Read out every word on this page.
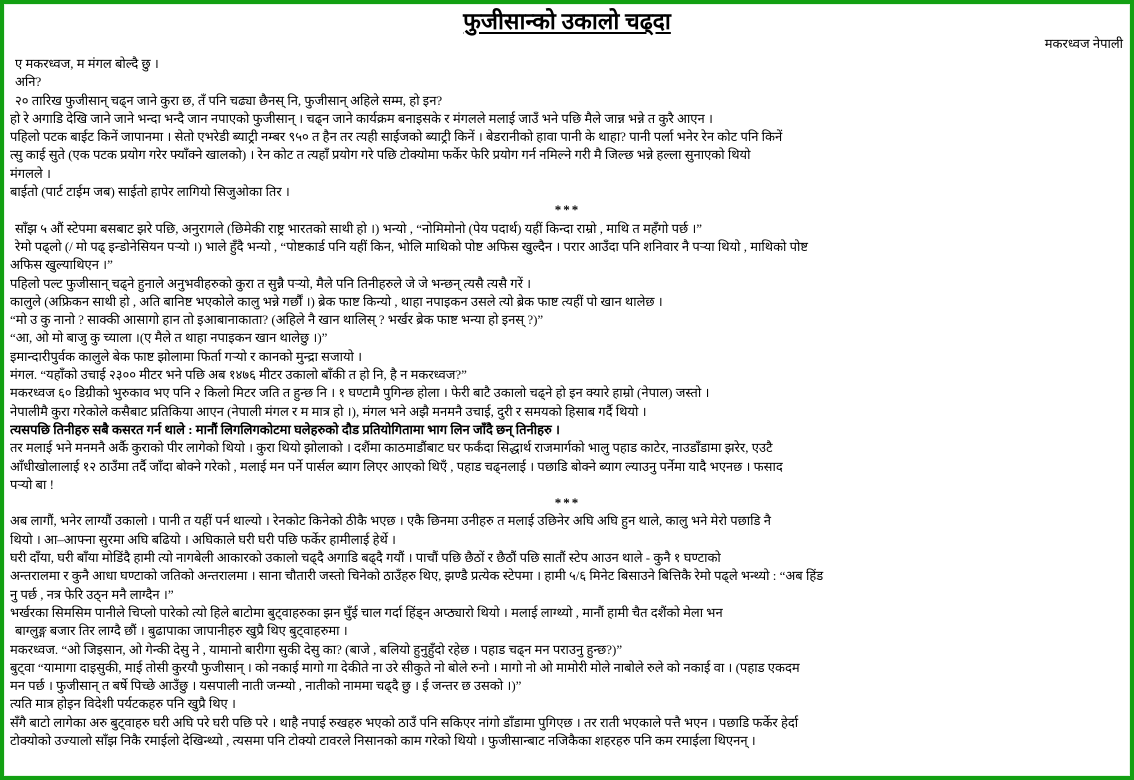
फुजीसान्को उकालो चढ्दा
मकरध्वज नेपाली
ए मकरध्वज, म मंगल बोल्दै छु ।
अनि?
२० तारिख फुजीसान् चढ्न जाने कुरा छ, तँ पनि चढ्या छैनस् नि, फुजीसान् अहिले सम्म, हो इन?
हो रे अगाडि देखि जाने जाने भन्दा भन्दै जान नपाएको फुजीसान् । चढ्न जाने कार्यक्रम बनाइसके र मंगलले मलाई जाउँ भने पछि मैले जान्न भन्ने त कुरै आएन ।
पहिलो पटक बाईट किनें जापानमा । सेतो एभरेडी ब्याट्री नम्बर ९५० त हैन तर त्यही साईजको ब्याट्री किनें । बेडरानीको हावा पानी के थाहा? पानी पर्ला भनेर रेन कोट पनि किनें
त्सु काई सुते (एक पटक प्रयोग गरेर फ्याँक्ने खालको) । रेन कोट त त्यहाँ प्रयोग गरे पछि टोक्योमा फर्केर फेरि प्रयोग गर्न नमिल्ने गरी मै जिल्छ भन्ने हल्ला सुनाएको थियो
मंगलले ।
बाईतो (पार्ट टाईम जब) साईतो हापेर लागियो सिजुओका तिर ।
***
साँझ ५ औं स्टेपमा बसबाट झरे पछि, अनुरागले (छिमेकी राष्ट्र भारतको साथी हो ।) भन्यो , “नोमिमोनो (पेय पदार्थ) यहीं किन्दा राम्रो , माथि त महँगो पर्छ ।”
रेमो पढ्लो (/ मो पढ् इन्डोनेसियन पर्‍यो ।) भाले हुँदै भन्यो , “पोष्टकार्ड पनि यहीं किन, भोलि माथिको पोष्ट अफिस खुल्दैन । परार आउँदा पनि शनिवार नै पर्‍या थियो , माथिको पोष्ट
अफिस खुल्याथिएन ।”
पहिलो पल्ट फुजीसान् चढ्ने हुनाले अनुभवीहरुको कुरा त सुन्नै पर्‍यो, मैले पनि तिनीहरुले जे जे भन्छन् त्यसै त्यसै गरें ।
कालुले (अफ्रिकन साथी हो , अति बानिष्ट भएकोले कालु भन्ने गर्छौं ।) ब्रेक फाष्ट किन्यो , थाहा नपाइकन उसले त्यो ब्रेक फाष्ट त्यहीं पो खान थालेछ ।
“मो उ कु नानो ? साक्की आसागो हान तो इआबानाकाता? (अहिले नै खान थालिस् ? भर्खर ब्रेक फाष्ट भन्या हो इनस् ?)”
“आ, ओ मो बाजु कु च्याला ।(ए मैले त थाहा नपाइकन खान थालेछु ।)”
इमान्दारीपुर्वक कालुले बेक फाष्ट झोलामा फिर्ता गऱ्यो र कानको मुन्द्रा सजायो ।
मंगल. “यहाँको उचाई २३०० मीटर भने पछि अब १४७६ मीटर उकालो बाँकी त हो नि, है न मकरध्वज?”
मकरध्वज ६० डिग्रीको भुरुकाव भए पनि २ किलो मिटर जति त हुन्छ नि । १ घण्टामै पुगिन्छ होला । फेरी बाटै उकालो चढ्ने हो इन क्यारे हाम्रो (नेपाल) जस्तो ।
नेपालीमै कुरा गरेकोले कसैबाट प्रतिकिया आएन (नेपाली मंगल र म मात्र हो ।), मंगल भने अझै मनमनै उचाई, दुरी र समयको हिसाब गर्दै थियो ।
त्यसपछि तिनीहरु सबै कसरत गर्न थाले : मानौं लिगलिगकोटमा घलेहरुको दौड प्रतियोगितामा भाग लिन जाँदै छन् तिनीहरु ।
तर मलाई भने मनमनै अर्कै कुराको पीर लागेको थियो । कुरा थियो झोलाको । दशैंमा काठमाडौंबाट घर फर्कंदा सिद्धार्थ राजमार्गको भालु पहाड काटेर, नाउडाँडामा झरेर, एउटै
आँधीखोलालाई १२ ठाउँमा तर्दै जाँदा बोक्ने गरेको , मलाई मन पर्ने पार्सल ब्याग लिएर आएको थिएँ , पहाड चढ्नलाई । पछाडि बोक्ने ब्याग ल्याउनु पर्नेमा यादै भएनछ । फसाद
पर्‍यो बा !
***
अब लागौं, भनेर लाग्यौं उकालो । पानी त यहीं पर्न थाल्यो । रेनकोट किनेको ठीकै भएछ । एकै छिनमा उनीहरु त मलाई उछिनेर अघि अघि हुन थाले, कालु भने मेरो पछाडि नै
थियो । आ–आफ्ना सुरमा अघि बढियो । अघिकाले घरी घरी पछि फर्केर हामीलाई हेर्थे ।
घरी दाँया, घरी बाँया मोडिंदै हामी त्यो नागबेली आकारको उकालो चढ्दै अगाडि बढ्दै गयौं । पाचौं पछि छैठों र छैठौं पछि सातौं स्टेप आउन थाले - कुनै १ घण्टाको
अन्तरालमा र कुनै आधा घण्टाको जतिको अन्तरालमा । साना चौतारी जस्तो चिनेको ठाउँहरु थिए, झण्डै प्रत्येक स्टेपमा । हामी ५/६ मिनेट बिसाउने बित्तिकै रेमो पढ्ले भन्थ्यो : “अब हिंड
नु पर्छ , नत्र फेरि उठ्न मनै लाग्दैन ।”
भर्खरका सिमसिम पानीले चिप्लो पारेको त्यो हिले बाटोमा बुट्वाहरुका झन घुँई चाल गर्दा हिंड्न अप्ठ्यारो थियो । मलाई लाग्थ्यो , मानौं हामी चैत दशैंको मेला भन
बाग्लुङ्ग बजार तिर लाग्दै छौं । बुढापाका जापानीहरु खुप्रै थिए बुट्वाहरुमा ।
मकरध्वज. “ओ जिइसान, ओ गेन्की देसु ने , यामानो बारीगा सुकी देसु का? (बाजे , बलियो हुनुहुँदो रहेछ । पहाड चढ्न मन पराउनु हुन्छ?)”
बुट्वा “यामागा दाइसुकी, माई तोसी कुरयौ फुजीसान् । को नकाई मागो गा देकीते ना उरे सीकुते नो बोले रुनो । मागो नो ओ मामोरी मोले नाबोले रुले को नकाई वा । (पहाड एकदम
मन पर्छ । फुजीसान् त बर्षे पिच्छे आउँछु । यसपाली नाती जन्म्यो , नातीको नाममा चढ्दै छु । ई जन्तर छ उसको ।)”
त्यति मात्र होइन विदेशी पर्यटकहरु पनि खुप्रै थिए ।
सँगै बाटो लागेका अरु बुट्वाहरु घरी अघि परे घरी पछि परे । थाहै नपाई रुखहरु भएको ठाउँ पनि सकिएर नांगो डाँडामा पुगिएछ । तर राती भएकाले पत्तै भएन । पछाडि फर्केर हेर्दा
टोक्योको उज्यालो साँझ निकै रमाईलो देखिन्थ्यो , त्यसमा पनि टोक्यो टावरले निसानको काम गरेको थियो । फुजीसान्बाट नजिकैका शहरहरु पनि कम रमाईला थिएनन् ।
